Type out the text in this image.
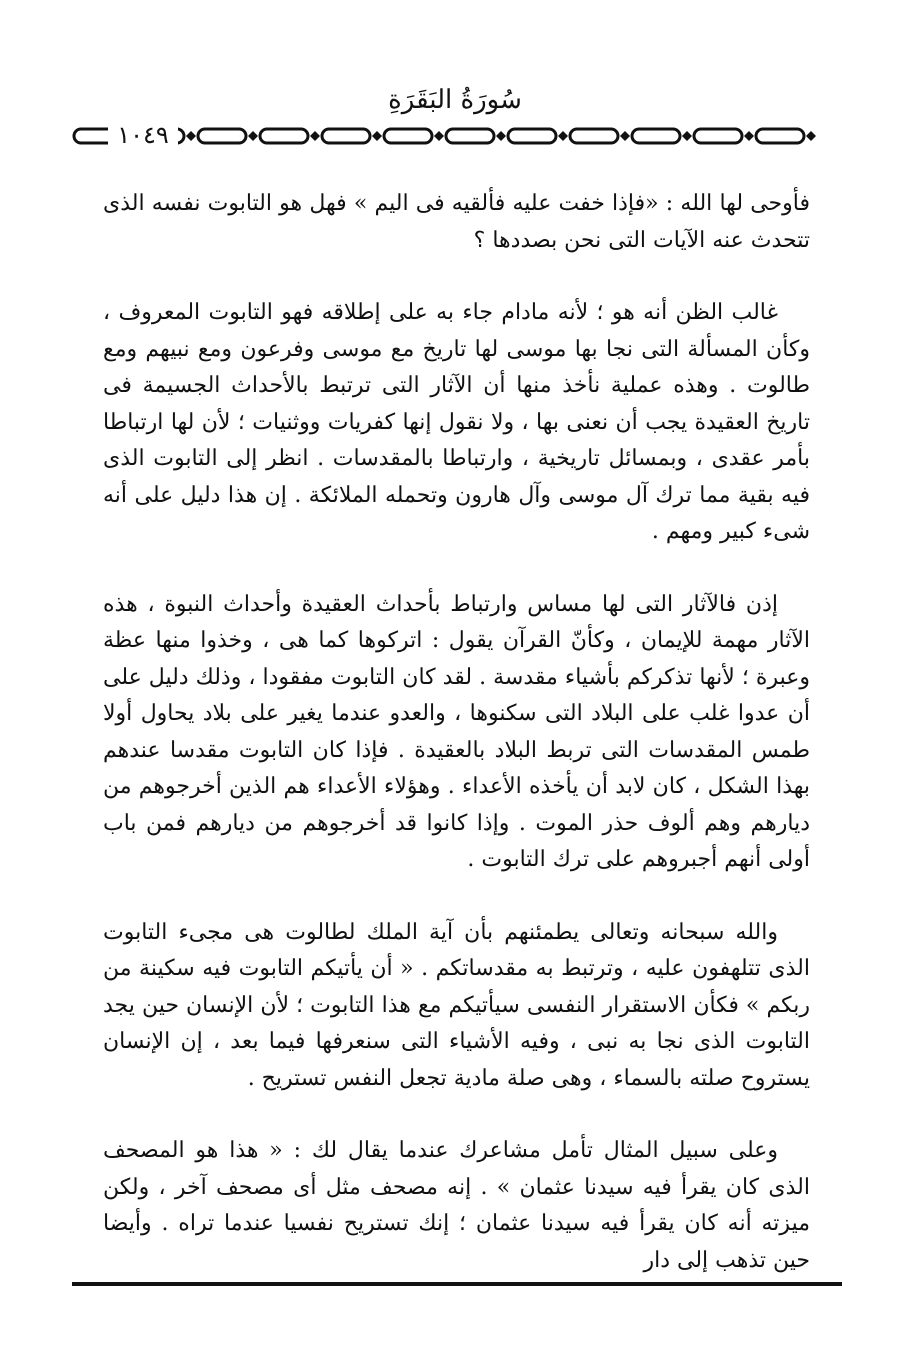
سُورَةُ البَقَرَةِ
١٠٤٩

فأوحى لها الله : «فإذا خفت عليه فألقيه فى اليم » فهل هو التابوت نفسه الذى تتحدث عنه الآيات التى نحن بصددها ؟

غالب الظن أنه هو ؛ لأنه مادام جاء به على إطلاقه فهو التابوت المعروف ، وكأن المسألة التى نجا بها موسى لها تاريخ مع موسى وفرعون ومع نبيهم ومع طالوت . وهذه عملية نأخذ منها أن الآثار التى ترتبط بالأحداث الجسيمة فى تاريخ العقيدة يجب أن نعنى بها ، ولا نقول إنها كفريات ووثنيات ؛ لأن لها ارتباطا بأمر عقدى ، وبمسائل تاريخية ، وارتباطا بالمقدسات . انظر إلى التابوت الذى فيه بقية مما ترك آل موسى وآل هارون وتحمله الملائكة . إن هذا دليل على أنه شىء كبير ومهم .

إذن فالآثار التى لها مساس وارتباط بأحداث العقيدة وأحداث النبوة ، هذه الآثار مهمة للإيمان ، وكأنّ القرآن يقول : اتركوها كما هى ، وخذوا منها عظة وعبرة ؛ لأنها تذكركم بأشياء مقدسة . لقد كان التابوت مفقودا ، وذلك دليل على أن عدوا غلب على البلاد التى سكنوها ، والعدو عندما يغير على بلاد يحاول أولا طمس المقدسات التى تربط البلاد بالعقيدة . فإذا كان التابوت مقدسا عندهم بهذا الشكل ، كان لابد أن يأخذه الأعداء . وهؤلاء الأعداء هم الذين أخرجوهم من ديارهم وهم ألوف حذر الموت . وإذا كانوا قد أخرجوهم من ديارهم فمن باب أولى أنهم أجبروهم على ترك التابوت .

والله سبحانه وتعالى يطمئنهم بأن آية الملك لطالوت هى مجىء التابوت الذى تتلهفون عليه ، وترتبط به مقدساتكم . « أن يأتيكم التابوت فيه سكينة من ربكم » فكأن الاستقرار النفسى سيأتيكم مع هذا التابوت ؛ لأن الإنسان حين يجد التابوت الذى نجا به نبى ، وفيه الأشياء التى سنعرفها فيما بعد ، إن الإنسان يستروح صلته بالسماء ، وهى صلة مادية تجعل النفس تستريح .

وعلى سبيل المثال تأمل مشاعرك عندما يقال لك : « هذا هو المصحف الذى كان يقرأ فيه سيدنا عثمان » . إنه مصحف مثل أى مصحف آخر ، ولكن ميزته أنه كان يقرأ فيه سيدنا عثمان ؛ إنك تستريح نفسيا عندما تراه . وأيضا حين تذهب إلى دار
